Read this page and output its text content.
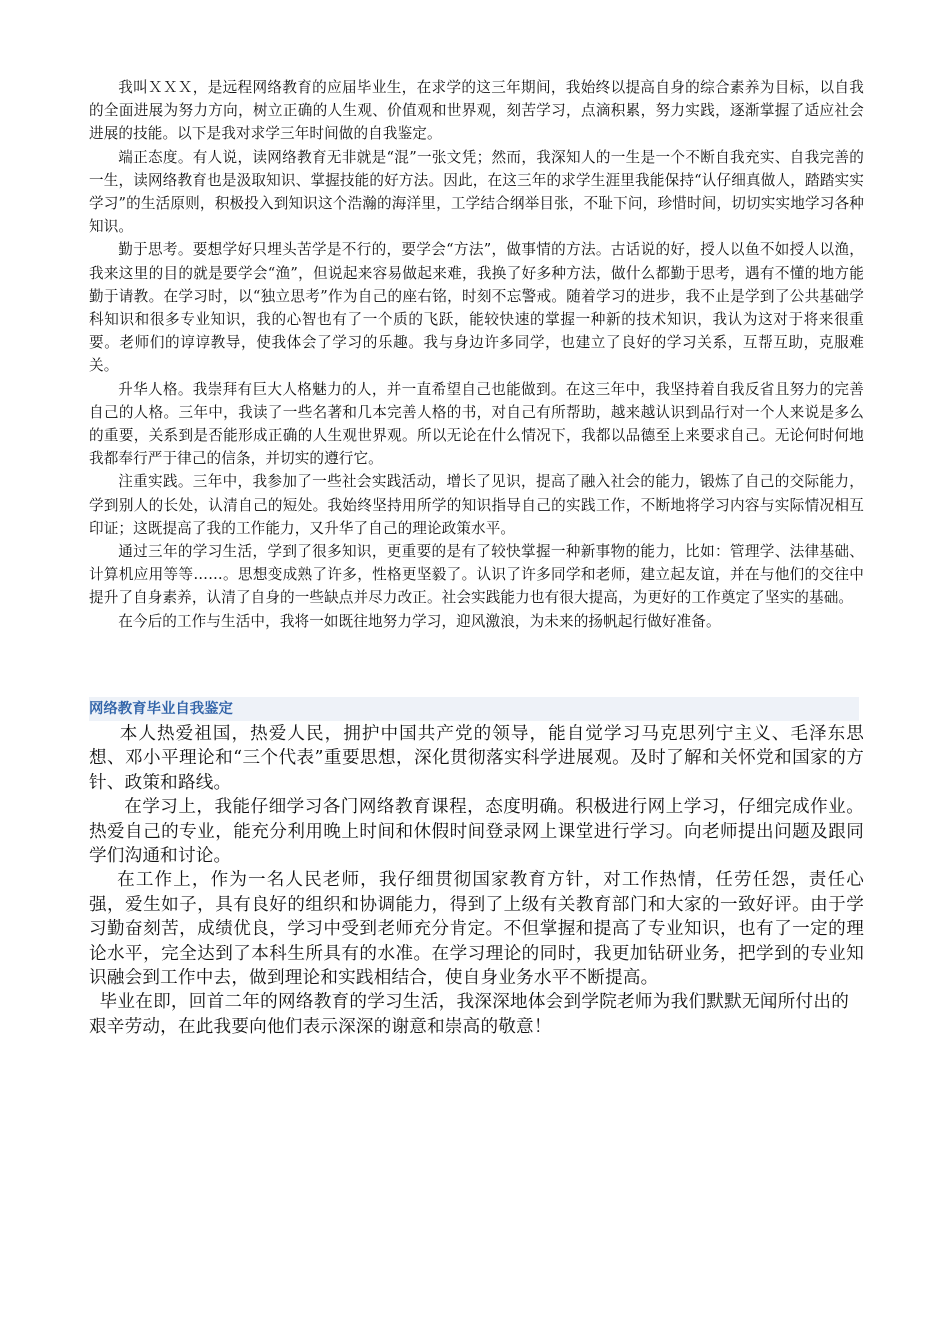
我叫ＸＸＸ，是远程网络教育的应届毕业生，在求学的这三年期间，我始终以提高自身的综合素养为目标，以自我的全面进展为努力方向，树立正确的人生观、价值观和世界观，刻苦学习，点滴积累，努力实践，逐渐掌握了适应社会进展的技能。以下是我对求学三年时间做的自我鉴定。

端正态度。有人说，读网络教育无非就是“混”一张文凭；然而，我深知人的一生是一个不断自我充实、自我完善的一生，读网络教育也是汲取知识、掌握技能的好方法。因此，在这三年的求学生涯里我能保持“认仔细真做人，踏踏实实学习”的生活原则，积极投入到知识这个浩瀚的海洋里，工学结合纲举目张，不耻下问，珍惜时间，切切实实地学习各种知识。

勤于思考。要想学好只埋头苦学是不行的，要学会“方法”，做事情的方法。古话说的好，授人以鱼不如授人以渔，我来这里的目的就是要学会“渔”，但说起来容易做起来难，我换了好多种方法，做什么都勤于思考，遇有不懂的地方能勤于请教。在学习时，以“独立思考”作为自己的座右铭，时刻不忘警戒。随着学习的进步，我不止是学到了公共基础学科知识和很多专业知识，我的心智也有了一个质的飞跃，能较快速的掌握一种新的技术知识，我认为这对于将来很重要。老师们的谆谆教导，使我体会了学习的乐趣。我与身边许多同学，也建立了良好的学习关系，互帮互助，克服难关。

升华人格。我崇拜有巨大人格魅力的人，并一直希望自己也能做到。在这三年中，我坚持着自我反省且努力的完善自己的人格。三年中，我读了一些名著和几本完善人格的书，对自己有所帮助，越来越认识到品行对一个人来说是多么的重要，关系到是否能形成正确的人生观世界观。所以无论在什么情况下，我都以品德至上来要求自己。无论何时何地我都奉行严于律己的信条，并切实的遵行它。

注重实践。三年中，我参加了一些社会实践活动，增长了见识，提高了融入社会的能力，锻炼了自己的交际能力，学到别人的长处，认清自己的短处。我始终坚持用所学的知识指导自己的实践工作，不断地将学习内容与实际情况相互印证；这既提高了我的工作能力，又升华了自己的理论政策水平。

通过三年的学习生活，学到了很多知识，更重要的是有了较快掌握一种新事物的能力，比如：管理学、法律基础、计算机应用等等……。思想变成熟了许多，性格更坚毅了。认识了许多同学和老师，建立起友谊，并在与他们的交往中提升了自身素养，认清了自身的一些缺点并尽力改正。社会实践能力也有很大提高，为更好的工作奠定了坚实的基础。

在今后的工作与生活中，我将一如既往地努力学习，迎风激浪，为未来的扬帆起行做好准备。

网络教育毕业自我鉴定

本人热爱祖国，热爱人民，拥护中国共产党的领导，能自觉学习马克思列宁主义、毛泽东思想、邓小平理论和“三个代表”重要思想，深化贯彻落实科学进展观。及时了解和关怀党和国家的方针、政策和路线。

在学习上，我能仔细学习各门网络教育课程，态度明确。积极进行网上学习，仔细完成作业。热爱自己的专业，能充分利用晚上时间和休假时间登录网上课堂进行学习。向老师提出问题及跟同学们沟通和讨论。

在工作上，作为一名人民老师，我仔细贯彻国家教育方针，对工作热情，任劳任怨，责任心强，爱生如子，具有良好的组织和协调能力，得到了上级有关教育部门和大家的一致好评。由于学习勤奋刻苦，成绩优良，学习中受到老师充分肯定。不但掌握和提高了专业知识，也有了一定的理论水平，完全达到了本科生所具有的水准。在学习理论的同时，我更加钻研业务，把学到的专业知识融会到工作中去，做到理论和实践相结合，使自身业务水平不断提高。

毕业在即，回首二年的网络教育的学习生活，我深深地体会到学院老师为我们默默无闻所付出的艰辛劳动，在此我要向他们表示深深的谢意和崇高的敬意！
